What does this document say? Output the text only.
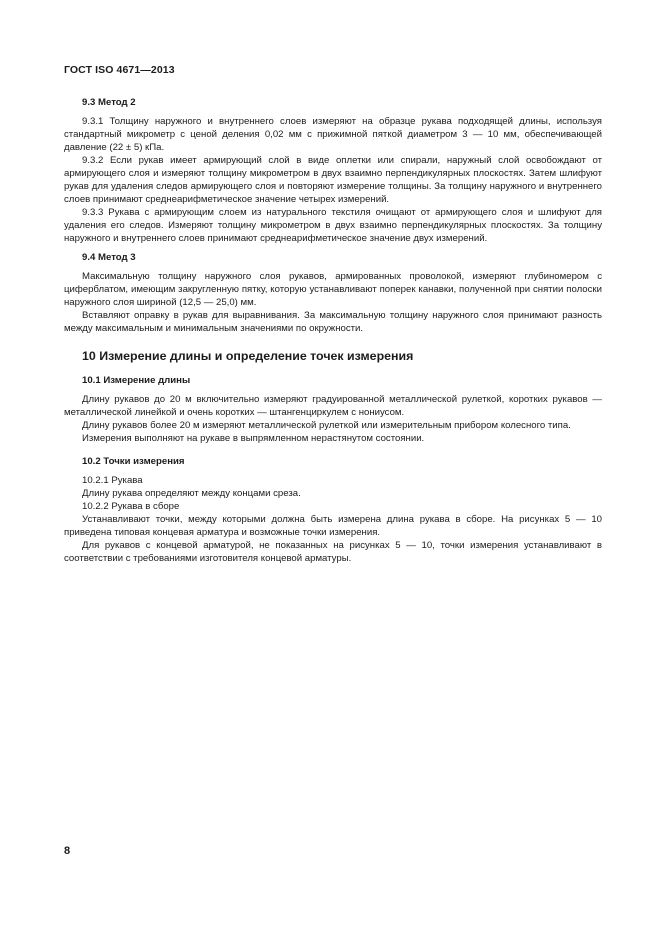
ГОСТ ISO 4671—2013
9.3 Метод 2

9.3.1 Толщину наружного и внутреннего слоев измеряют на образце рукава подходящей длины, используя стандартный микрометр с ценой деления 0,02 мм с прижимной пяткой диаметром 3 — 10 мм, обеспечивающей давление (22 ± 5) кПа.

9.3.2 Если рукав имеет армирующий слой в виде оплетки или спирали, наружный слой освобождают от армирующего слоя и измеряют толщину микрометром в двух взаимно перпендикулярных плоскостях. Затем шлифуют рукав для удаления следов армирующего слоя и повторяют измерение толщины. За толщину наружного и внутреннего слоев принимают среднеарифметическое значение четырех измерений.

9.3.3 Рукава с армирующим слоем из натурального текстиля очищают от армирующего слоя и шлифуют для удаления его следов. Измеряют толщину микрометром в двух взаимно перпендикулярных плоскостях. За толщину наружного и внутреннего слоев принимают среднеарифметическое значение двух измерений.

9.4 Метод 3

Максимальную толщину наружного слоя рукавов, армированных проволокой, измеряют глубиномером с циферблатом, имеющим закругленную пятку, которую устанавливают поперек канавки, полученной при снятии полоски наружного слоя шириной (12,5 — 25,0) мм.

Вставляют оправку в рукав для выравнивания. За максимальную толщину наружного слоя принимают разность между максимальным и минимальным значениями по окружности.

10 Измерение длины и определение точек измерения
10.1 Измерение длины

Длину рукавов до 20 м включительно измеряют градуированной металлической рулеткой, коротких рукавов — металлической линейкой и очень коротких — штангенциркулем с нониусом.

Длину рукавов более 20 м измеряют металлической рулеткой или измерительным прибором колесного типа.

Измерения выполняют на рукаве в выпрямленном нерастянутом состоянии.

10.2 Точки измерения

10.2.1 Рукава

Длину рукава определяют между концами среза.

10.2.2 Рукава в сборе

Устанавливают точки, между которыми должна быть измерена длина рукава в сборе. На рисунках 5 — 10 приведена типовая концевая арматура и возможные точки измерения.

Для рукавов с концевой арматурой, не показанных на рисунках 5 — 10, точки измерения устанавливают в соответствии с требованиями изготовителя концевой арматуры.

8
